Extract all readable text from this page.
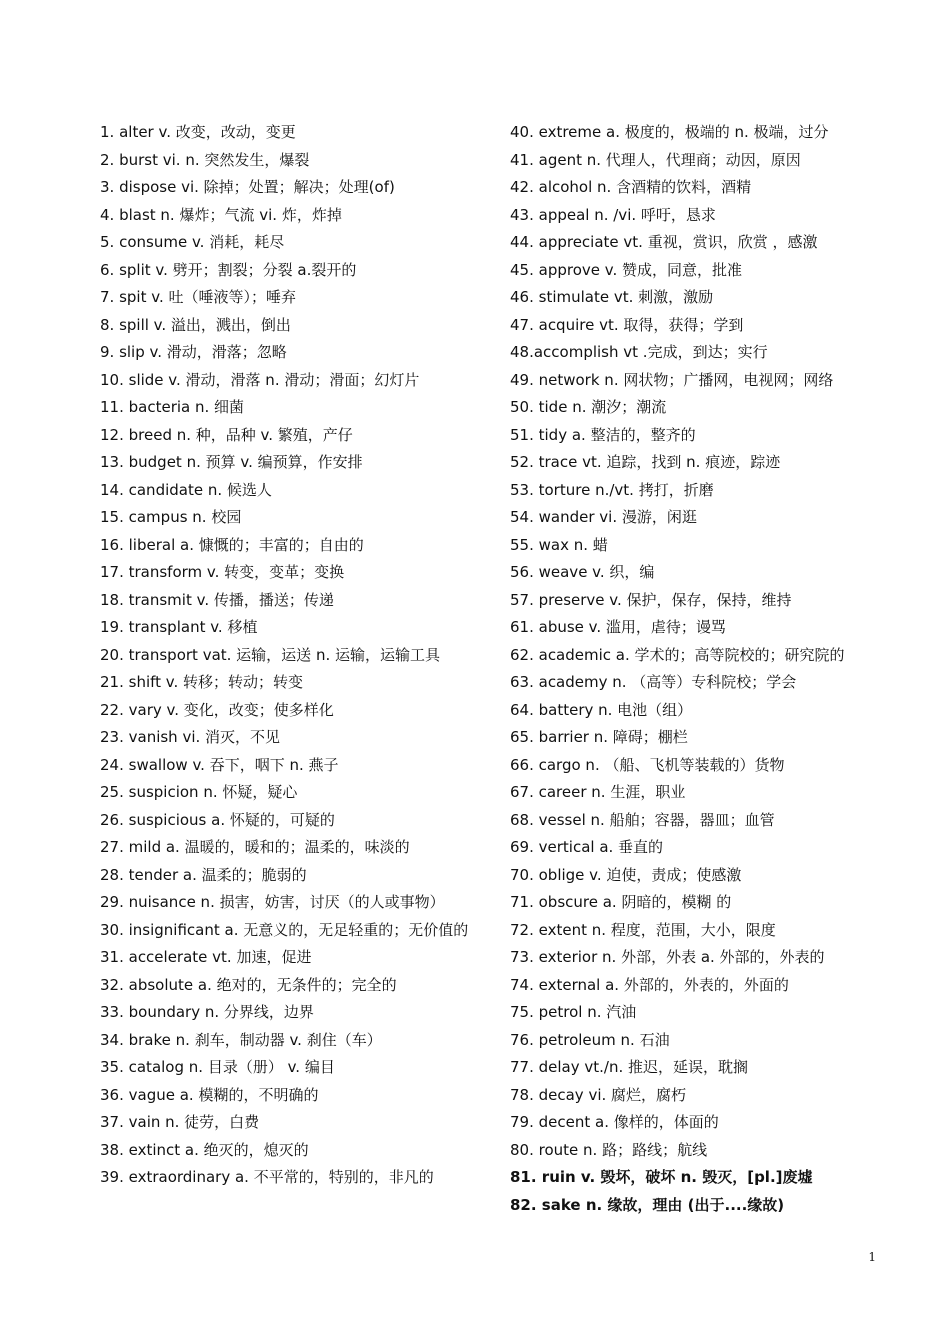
1. alter v. 改变，改动，变更
2. burst vi. n. 突然发生，爆裂
3. dispose vi. 除掉；处置；解决；处理(of)
4. blast n. 爆炸；气流 vi. 炸，炸掉
5. consume v. 消耗，耗尽
6. split v. 劈开；割裂；分裂 a.裂开的
7. spit v. 吐（唾液等）；唾弃
8. spill v. 溢出，溅出，倒出
9. slip v. 滑动，滑落；忽略
10. slide v. 滑动，滑落 n. 滑动；滑面；幻灯片
11. bacteria n. 细菌
12. breed n. 种，品种 v. 繁殖，产仔
13. budget n. 预算 v. 编预算，作安排
14. candidate n. 候选人
15. campus n. 校园
16. liberal a. 慷慨的；丰富的；自由的
17. transform v. 转变，变革；变换
18. transmit v. 传播，播送；传递
19. transplant v. 移植
20. transport vat. 运输，运送 n. 运输，运输工具
21. shift v. 转移；转动；转变
22. vary v. 变化，改变；使多样化
23. vanish vi. 消灭，不见
24. swallow v. 吞下，咽下 n. 燕子
25. suspicion n. 怀疑，疑心
26. suspicious a. 怀疑的，可疑的
27. mild a. 温暖的，暖和的；温柔的，味淡的
28. tender a. 温柔的；脆弱的
29. nuisance n. 损害，妨害，讨厌（的人或事物）
30. insignificant a. 无意义的，无足轻重的；无价值的
31. accelerate vt. 加速，促进
32. absolute a. 绝对的，无条件的；完全的
33. boundary n. 分界线，边界
34. brake n. 刹车，制动器 v. 刹住（车）
35. catalog n. 目录（册） v. 编目
36. vague a. 模糊的，不明确的
37. vain n. 徒劳，白费
38. extinct a. 绝灭的，熄灭的
39. extraordinary a. 不平常的，特别的，非凡的
40. extreme a. 极度的，极端的 n. 极端，过分
41. agent n. 代理人，代理商；动因，原因
42. alcohol n. 含酒精的饮料，酒精
43. appeal n. /vi. 呼吁，恳求
44. appreciate vt. 重视，赏识，欣赏 ，感激
45. approve v. 赞成，同意，批准
46. stimulate vt. 刺激，激励
47. acquire vt. 取得，获得；学到
48.accomplish vt .完成，到达；实行
49. network n. 网状物；广播网，电视网；网络
50. tide n. 潮汐；潮流
51. tidy a. 整洁的，整齐的
52. trace vt. 追踪，找到 n. 痕迹，踪迹
53. torture n./vt. 拷打，折磨
54. wander vi. 漫游，闲逛
55. wax n. 蜡
56. weave v. 织，编
57. preserve v. 保护，保存，保持，维持
61. abuse v. 滥用，虐待；谩骂
62. academic a. 学术的；高等院校的；研究院的
63. academy n. （高等）专科院校；学会
64. battery n. 电池（组）
65. barrier n. 障碍；棚栏
66. cargo n. （船、飞机等装载的）货物
67. career n. 生涯，职业
68. vessel n. 船舶；容器，器皿；血管
69. vertical a. 垂直的
70. oblige v. 迫使，责成；使感激
71. obscure a. 阴暗的，模糊 的
72. extent n. 程度，范围，大小，限度
73. exterior n. 外部，外表 a. 外部的，外表的
74. external a. 外部的，外表的，外面的
75. petrol n. 汽油
76. petroleum n. 石油
77. delay vt./n. 推迟，延误，耽搁
78. decay vi. 腐烂，腐朽
79. decent a. 像样的，体面的
80. route n. 路；路线；航线
81. ruin v. 毁坏，破坏 n. 毁灭，[pl.]废墟
82. sake n. 缘故，理由 (出于....缘故)
1
